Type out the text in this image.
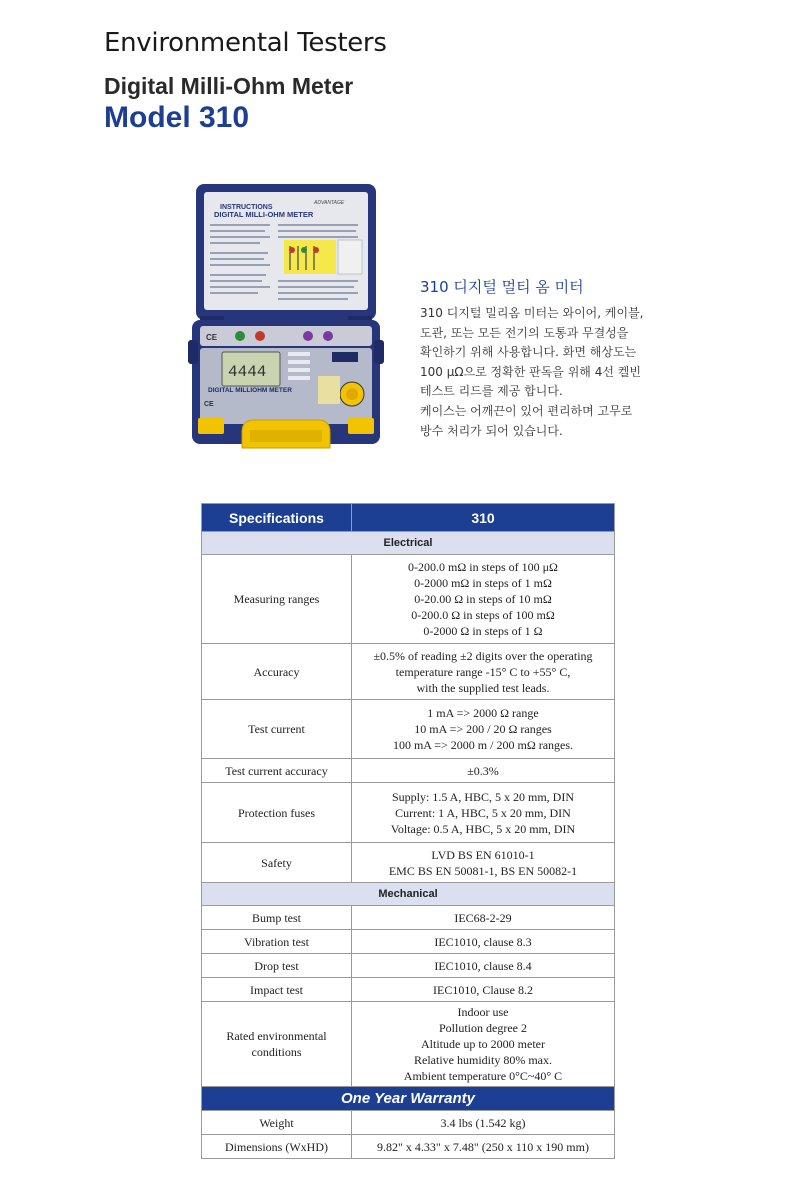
Environmental Testers
Digital Milli-Ohm Meter
Model 310
INSTRUCTIONS
DIGITAL MILLI-OHM METER
ADVANTAGE
CE
4444
DIGITAL MILLIOHM METER
CE
310 디지털 멀티 옴 미터
310 디지털 밀리옴 미터는 와이어, 케이블,
도관, 또는 모든 전기의 도통과 무결성을
확인하기 위해 사용합니다. 화면 해상도는
100 μΩ으로 정확한 판독을 위해 4선 켈빈
테스트 리드를 제공 합니다.
케이스는 어깨끈이 있어 편리하며 고무로
방수 처리가 되어 있습니다.
Specifications	310
Electrical	
Measuring ranges	0-200.0 mΩ in steps of 100 μΩ
0-2000 mΩ in steps of 1 mΩ
0-20.00 Ω in steps of 10 mΩ
0-200.0 Ω in steps of 100 mΩ
0-2000 Ω in steps of 1 Ω

Accuracy	±0.5% of reading ±2 digits over the operating
temperature range -15° C to +55° C,
with the supplied test leads.

Test current	1 mA => 2000 Ω range
10 mA => 200 / 20 Ω ranges
100 mA => 2000 m / 200 mΩ ranges.

Test current accuracy	±0.3%

Protection fuses	Supply: 1.5 A, HBC, 5 x 20 mm, DIN
Current: 1 A, HBC, 5 x 20 mm, DIN
Voltage: 0.5 A, HBC, 5 x 20 mm, DIN

Safety	LVD BS EN 61010-1
EMC BS EN 50081-1, BS EN 50082-1

Mechanical	
Bump test	IEC68-2-29
Vibration test	IEC1010, clause 8.3
Drop test	IEC1010, clause 8.4
Impact test	IEC1010, Clause 8.2
Rated environmental conditions	Indoor use
Pollution degree 2
Altitude up to 2000 meter
Relative humidity 80% max.
Ambient temperature 0°C~40° C

One Year Warranty	
Weight	3.4 lbs (1.542 kg)
Dimensions (WxHD)	9.82" x 4.33" x 7.48" (250 x 110 x 190 mm)
